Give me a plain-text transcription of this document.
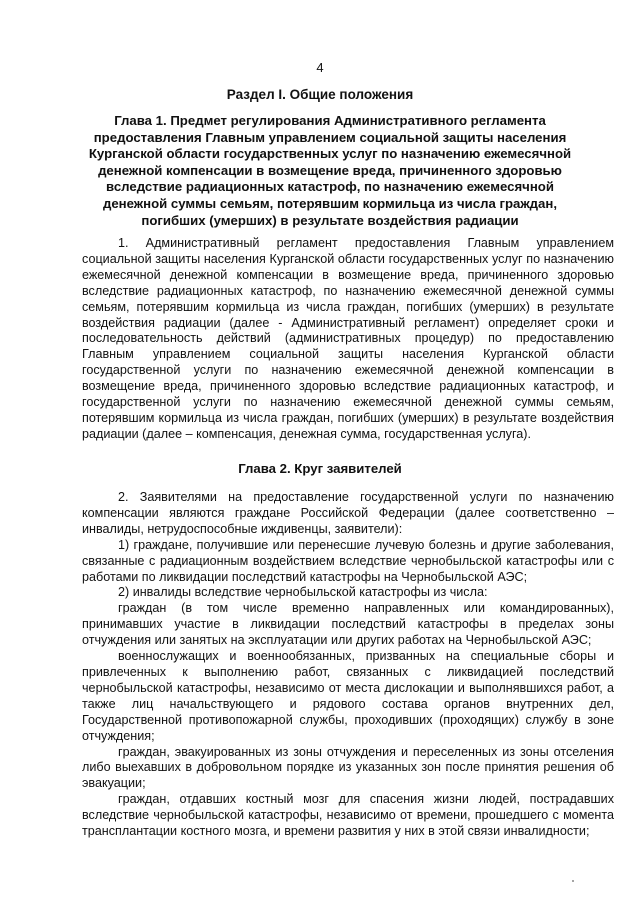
4
Раздел I. Общие положения
Глава 1. Предмет регулирования Административного регламента предоставления Главным управлением социальной защиты населения Курганской области государственных услуг по назначению ежемесячной денежной компенсации в возмещение вреда, причиненного здоровью вследствие радиационных катастроф, по назначению ежемесячной денежной суммы семьям, потерявшим кормильца из числа граждан, погибших (умерших) в результате воздействия радиации

1. Административный регламент предоставления Главным управлением социальной защиты населения Курганской области государственных услуг по назначению ежемесячной денежной компенсации в возмещение вреда, причиненного здоровью вследствие радиационных катастроф, по назначению ежемесячной денежной суммы семьям, потерявшим кормильца из числа граждан, погибших (умерших) в результате воздействия радиации (далее - Административный регламент) определяет сроки и последовательность действий (административных процедур) по предоставлению Главным управлением социальной защиты населения Курганской области государственной услуги по назначению ежемесячной денежной компенсации в возмещение вреда, причиненного здоровью вследствие радиационных катастроф, и государственной услуги по назначению ежемесячной денежной суммы семьям, потерявшим кормильца из числа граждан, погибших (умерших) в результате воздействия радиации (далее – компенсация, денежная сумма, государственная услуга).

Глава 2. Круг заявителей

2. Заявителями на предоставление государственной услуги по назначению компенсации являются граждане Российской Федерации (далее соответственно – инвалиды, нетрудоспособные иждивенцы, заявители):

1) граждане, получившие или перенесшие лучевую болезнь и другие заболевания, связанные с радиационным воздействием вследствие чернобыльской катастрофы или с работами по ликвидации последствий катастрофы на Чернобыльской АЭС;

2) инвалиды вследствие чернобыльской катастрофы из числа:

граждан (в том числе временно направленных или командированных), принимавших участие в ликвидации последствий катастрофы в пределах зоны отчуждения или занятых на эксплуатации или других работах на Чернобыльской АЭС;

военнослужащих и военнообязанных, призванных на специальные сборы и привлеченных к выполнению работ, связанных с ликвидацией последствий чернобыльской катастрофы, независимо от места дислокации и выполнявшихся работ, а также лиц начальствующего и рядового состава органов внутренних дел, Государственной противопожарной службы, проходивших (проходящих) службу в зоне отчуждения;

граждан, эвакуированных из зоны отчуждения и переселенных из зоны отселения либо выехавших в добровольном порядке из указанных зон после принятия решения об эвакуации;

граждан, отдавших костный мозг для спасения жизни людей, пострадавших вследствие чернобыльской катастрофы, независимо от времени, прошедшего с момента трансплантации костного мозга, и времени развития у них в этой связи инвалидности;
